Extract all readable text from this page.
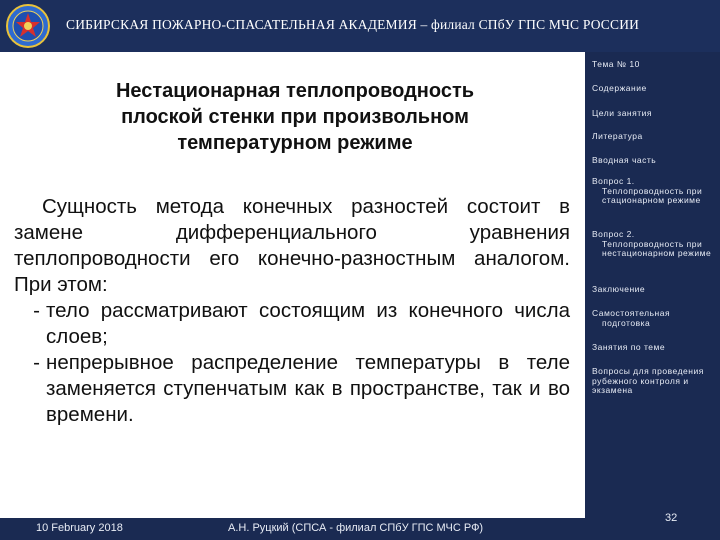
СИБИРСКАЯ ПОЖАРНО-СПАСАТЕЛЬНАЯ АКАДЕМИЯ – филиал СПбУ ГПС МЧС РОССИИ
Нестационарная теплопроводность
плоской стенки при произвольном
температурном режиме

Сущность метода конечных разностей состоит в замене дифференциального уравнения теплопроводности его конечно-разностным аналогом. При этом:

- тело рассматривают состоящим из конечного числа слоев;
- непрерывное распределение температуры в теле заменяется ступенчатым как в пространстве, так и во времени.
Тема № 10
Содержание
Цели занятия
Литература
Вводная часть
Вопрос 1.
Теплопроводность при стационарном режиме
Вопрос 2.
Теплопроводность при нестационарном режиме
Заключение
Самостоятельная
подготовка
Занятия по теме
Вопросы для проведения рубежного контроля и экзамена
10 February 2018	А.Н. Руцкий (СПСА - филиал СПбУ ГПС МЧС РФ)
32
